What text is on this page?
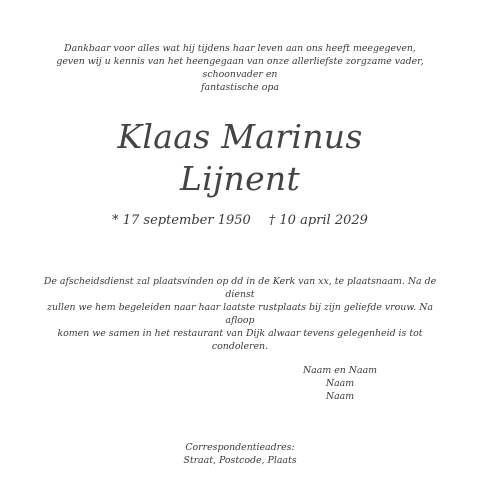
Dankbaar voor alles wat hij tijdens haar leven aan ons heeft meegegeven,
geven wij u kennis van het heengegaan van onze allerliefste zorgzame vader, schoonvader en
fantastische opa
Klaas Marinus
Lijnent
* 17 september 1950 † 10 april 2029
De afscheidsdienst zal plaatsvinden op dd in de Kerk van xx, te plaatsnaam. Na de dienst
zullen we hem begeleiden naar haar laatste rustplaats bij zijn geliefde vrouw. Na afloop
komen we samen in het restaurant van Dijk alwaar tevens gelegenheid is tot condoleren.
Naam en Naam
Naam
Naam
Correspondentieadres:
Straat, Postcode, Plaats
